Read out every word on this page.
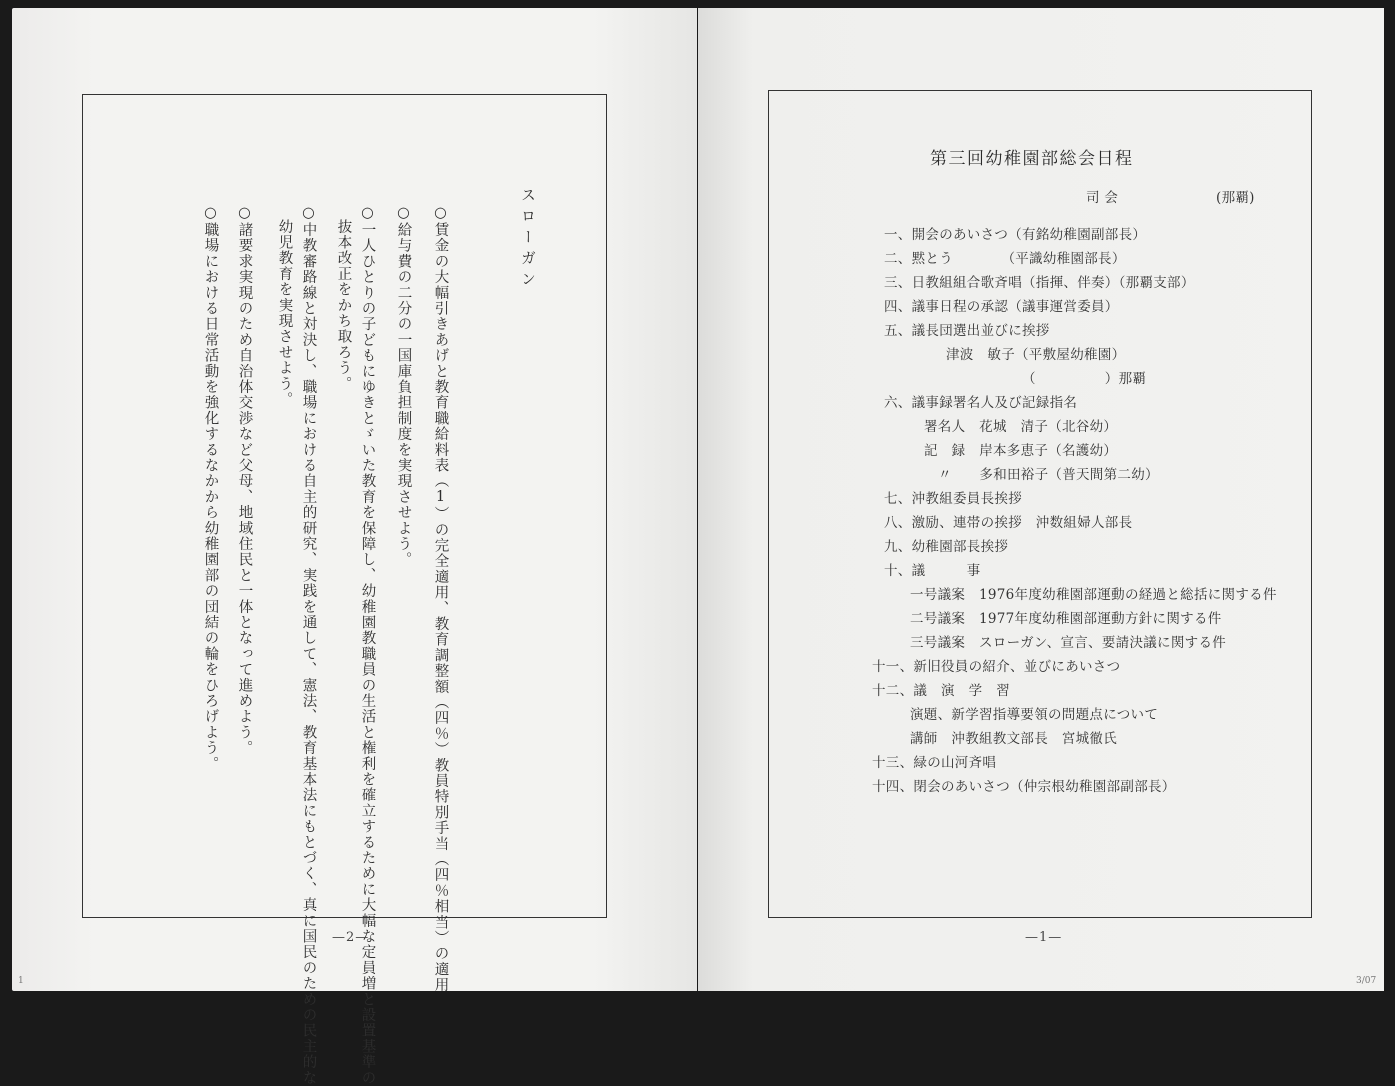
スローガン
○賃金の大幅引きあげと教育職給料表（1）の完全適用、教育調整額（四％）教員特別手当（四％相当）の適用
○給与費の二分の一国庫負担制度を実現させよう。
○一人ひとりの子どもにゆきとゞいた教育を保障し、幼稚園教職員の生活と権利を確立するために大幅な定員増と設置基準の
抜本改正をかち取ろう。
○中教審路線と対決し、職場における自主的研究、実践を通して、憲法、教育基本法にもとづく、真に国民のための民主的な
幼児教育を実現させよう。
○諸要求実現のため自治体交渉など父母、地域住民と一体となって進めよう。
○職場における日常活動を強化するなかから幼稚園部の団結の輪をひろげよう。
—2—
1
第三回幼稚園部総会日程
司 会	(那覇)
一、開会のあいさつ（有銘幼稚園副部長）
二、黙とう　　　　（平識幼稚園部長）
三、日教組組合歌斉唱（指揮、伴奏）（那覇支部）
四、議事日程の承認（議事運営委員）
五、議長団選出並びに挨拶
津波　敏子（平敷屋幼稚園）
（　　　　　）那覇
六、議事録署名人及び記録指名
署名人　花城　清子（北谷幼）
記　録　岸本多恵子（名護幼）
〃　　多和田裕子（普天間第二幼）
七、沖教組委員長挨拶
八、激励、連帯の挨拶　沖数組婦人部長
九、幼稚園部長挨拶
十、議　　　事
一号議案　1976年度幼稚園部運動の経過と総括に関する件
二号議案　1977年度幼稚園部運動方針に関する件
三号議案　スローガン、宣言、要請決議に関する件
十一、新旧役員の紹介、並びにあいさつ
十二、議　演　学　習
演題、新学習指導要領の問題点について
講師　沖教組教文部長　宮城徹氏
十三、緑の山河斉唱
十四、閉会のあいさつ（仲宗根幼稚園部副部長）
—1—
3/07
